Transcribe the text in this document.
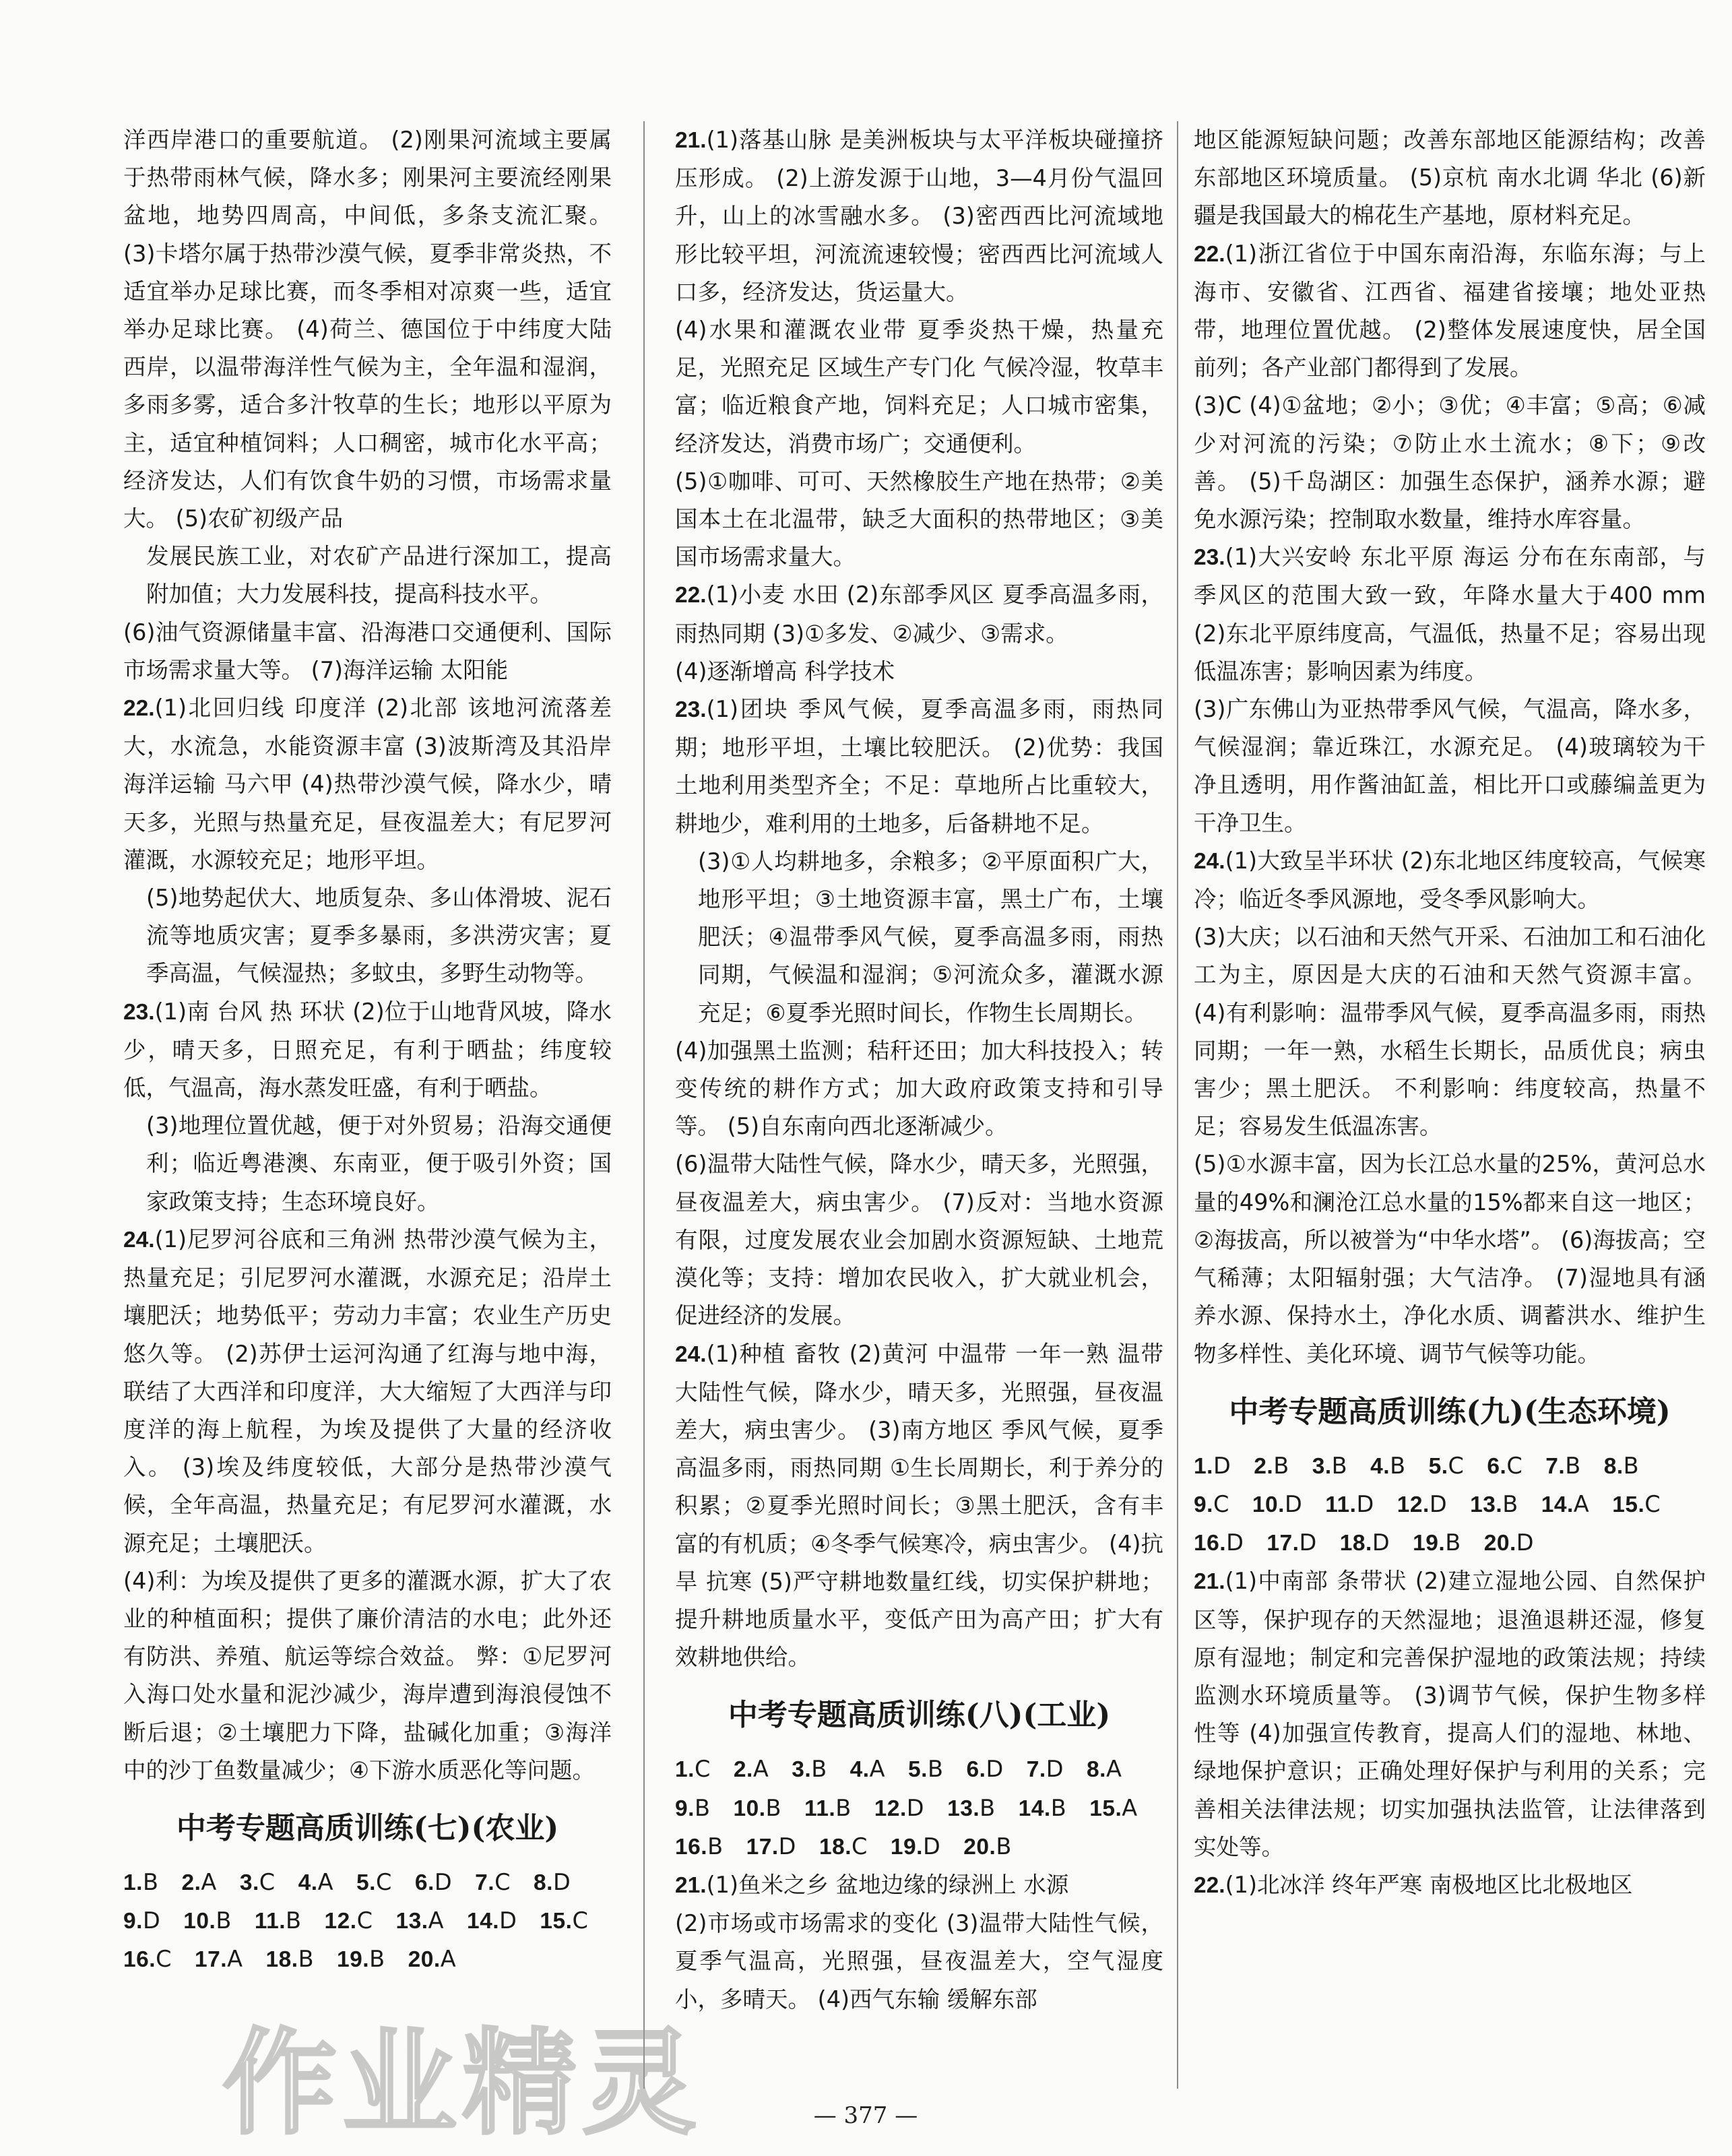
洋西岸港口的重要航道。 (2)刚果河流域主要属于热带雨林气候，降水多；刚果河主要流经刚果盆地，地势四周高，中间低，多条支流汇聚。 (3)卡塔尔属于热带沙漠气候，夏季非常炎热，不适宜举办足球比赛，而冬季相对凉爽一些，适宜举办足球比赛。 (4)荷兰、德国位于中纬度大陆西岸，以温带海洋性气候为主，全年温和湿润，多雨多雾，适合多汁牧草的生长；地形以平原为主，适宜种植饲料；人口稠密，城市化水平高；经济发达，人们有饮食牛奶的习惯，市场需求量大。 (5)农矿初级产品

发展民族工业，对农矿产品进行深加工，提高附加值；大力发展科技，提高科技水平。

(6)油气资源储量丰富、沿海港口交通便利、国际市场需求量大等。 (7)海洋运输 太阳能

22.(1)北回归线 印度洋 (2)北部 该地河流落差大，水流急，水能资源丰富 (3)波斯湾及其沿岸 海洋运输 马六甲 (4)热带沙漠气候，降水少，晴天多，光照与热量充足，昼夜温差大；有尼罗河灌溉，水源较充足；地形平坦。

(5)地势起伏大、地质复杂、多山体滑坡、泥石流等地质灾害；夏季多暴雨，多洪涝灾害；夏季高温，气候湿热；多蚊虫，多野生动物等。

23.(1)南 台风 热 环状 (2)位于山地背风坡，降水少，晴天多，日照充足，有利于晒盐；纬度较低，气温高，海水蒸发旺盛，有利于晒盐。

(3)地理位置优越，便于对外贸易；沿海交通便利；临近粤港澳、东南亚，便于吸引外资；国家政策支持；生态环境良好。

24.(1)尼罗河谷底和三角洲 热带沙漠气候为主，热量充足；引尼罗河水灌溉，水源充足；沿岸土壤肥沃；地势低平；劳动力丰富；农业生产历史悠久等。 (2)苏伊士运河沟通了红海与地中海，联结了大西洋和印度洋，大大缩短了大西洋与印度洋的海上航程，为埃及提供了大量的经济收入。 (3)埃及纬度较低，大部分是热带沙漠气候，全年高温，热量充足；有尼罗河水灌溉，水源充足；土壤肥沃。

(4)利：为埃及提供了更多的灌溉水源，扩大了农业的种植面积；提供了廉价清洁的水电；此外还有防洪、养殖、航运等综合效益。 弊：①尼罗河入海口处水量和泥沙减少，海岸遭到海浪侵蚀不断后退；②土壤肥力下降，盐碱化加重；③海洋中的沙丁鱼数量减少；④下游水质恶化等问题。

中考专题高质训练(七)(农业)

1.B  2.A  3.C  4.A  5.C  6.D  7.C  8.D

9.D  10.B  11.B  12.C  13.A  14.D  15.C

16.C  17.A  18.B  19.B  20.A

21.(1)落基山脉 是美洲板块与太平洋板块碰撞挤压形成。 (2)上游发源于山地，3—4月份气温回升，山上的冰雪融水多。 (3)密西西比河流域地形比较平坦，河流流速较慢；密西西比河流域人口多，经济发达，货运量大。

(4)水果和灌溉农业带 夏季炎热干燥，热量充足，光照充足 区域生产专门化 气候冷湿，牧草丰富；临近粮食产地，饲料充足；人口城市密集，经济发达，消费市场广；交通便利。

(5)①咖啡、可可、天然橡胶生产地在热带；②美国本土在北温带，缺乏大面积的热带地区；③美国市场需求量大。

22.(1)小麦 水田 (2)东部季风区 夏季高温多雨，雨热同期 (3)①多发、②减少、③需求。

(4)逐渐增高 科学技术

23.(1)团块 季风气候，夏季高温多雨，雨热同期；地形平坦，土壤比较肥沃。 (2)优势：我国土地利用类型齐全；不足：草地所占比重较大，耕地少，难利用的土地多，后备耕地不足。

(3)①人均耕地多，余粮多；②平原面积广大，地形平坦；③土地资源丰富，黑土广布，土壤肥沃；④温带季风气候，夏季高温多雨，雨热同期，气候温和湿润；⑤河流众多，灌溉水源充足；⑥夏季光照时间长，作物生长周期长。

(4)加强黑土监测；秸秆还田；加大科技投入；转变传统的耕作方式；加大政府政策支持和引导等。 (5)自东南向西北逐渐减少。

(6)温带大陆性气候，降水少，晴天多，光照强，昼夜温差大，病虫害少。 (7)反对：当地水资源有限，过度发展农业会加剧水资源短缺、土地荒漠化等；支持：增加农民收入，扩大就业机会，促进经济的发展。

24.(1)种植 畜牧 (2)黄河 中温带 一年一熟 温带大陆性气候，降水少，晴天多，光照强，昼夜温差大，病虫害少。 (3)南方地区 季风气候，夏季高温多雨，雨热同期 ①生长周期长，利于养分的积累；②夏季光照时间长；③黑土肥沃，含有丰富的有机质；④冬季气候寒冷，病虫害少。 (4)抗旱 抗寒 (5)严守耕地数量红线，切实保护耕地；提升耕地质量水平，变低产田为高产田；扩大有效耕地供给。

中考专题高质训练(八)(工业)

1.C  2.A  3.B  4.A  5.B  6.D  7.D  8.A

9.B  10.B  11.B  12.D  13.B  14.B  15.A

16.B  17.D  18.C  19.D  20.B

21.(1)鱼米之乡 盆地边缘的绿洲上 水源

(2)市场或市场需求的变化 (3)温带大陆性气候，夏季气温高，光照强，昼夜温差大，空气湿度小，多晴天。 (4)西气东输 缓解东部

地区能源短缺问题；改善东部地区能源结构；改善东部地区环境质量。 (5)京杭 南水北调 华北 (6)新疆是我国最大的棉花生产基地，原材料充足。

22.(1)浙江省位于中国东南沿海，东临东海；与上海市、安徽省、江西省、福建省接壤；地处亚热带，地理位置优越。 (2)整体发展速度快，居全国前列；各产业部门都得到了发展。

(3)C (4)①盆地；②小；③优；④丰富；⑤高；⑥减少对河流的污染；⑦防止水土流水；⑧下；⑨改善。 (5)千岛湖区：加强生态保护，涵养水源；避免水源污染；控制取水数量，维持水库容量。

23.(1)大兴安岭 东北平原 海运 分布在东南部，与季风区的范围大致一致，年降水量大于400 mm (2)东北平原纬度高，气温低，热量不足；容易出现低温冻害；影响因素为纬度。

(3)广东佛山为亚热带季风气候，气温高，降水多，气候湿润；靠近珠江，水源充足。 (4)玻璃较为干净且透明，用作酱油缸盖，相比开口或藤编盖更为干净卫生。

24.(1)大致呈半环状 (2)东北地区纬度较高，气候寒冷；临近冬季风源地，受冬季风影响大。

(3)大庆；以石油和天然气开采、石油加工和石油化工为主，原因是大庆的石油和天然气资源丰富。 (4)有利影响：温带季风气候，夏季高温多雨，雨热同期；一年一熟，水稻生长期长，品质优良；病虫害少；黑土肥沃。 不利影响：纬度较高，热量不足；容易发生低温冻害。

(5)①水源丰富，因为长江总水量的25%，黄河总水量的49%和澜沧江总水量的15%都来自这一地区；②海拔高，所以被誉为“中华水塔”。 (6)海拔高；空气稀薄；太阳辐射强；大气洁净。 (7)湿地具有涵养水源、保持水土，净化水质、调蓄洪水、维护生物多样性、美化环境、调节气候等功能。

中考专题高质训练(九)(生态环境)

1.D  2.B  3.B  4.B  5.C  6.C  7.B  8.B

9.C  10.D  11.D  12.D  13.B  14.A  15.C

16.D  17.D  18.D  19.B  20.D

21.(1)中南部 条带状 (2)建立湿地公园、自然保护区等，保护现存的天然湿地；退渔退耕还湿，修复原有湿地；制定和完善保护湿地的政策法规；持续监测水环境质量等。 (3)调节气候，保护生物多样性等 (4)加强宣传教育，提高人们的湿地、林地、绿地保护意识；正确处理好保护与利用的关系；完善相关法律法规；切实加强执法监管，让法律落到实处等。

22.(1)北冰洋 终年严寒 南极地区比北极地区

— 377 —
作业精灵
